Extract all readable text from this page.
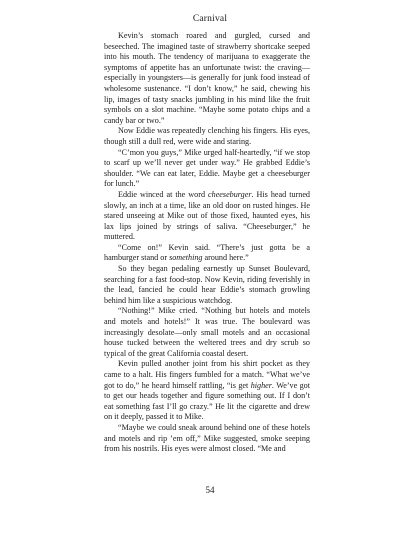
Carnival

Kevin’s stomach roared and gurgled, cursed and beseeched. The imagined taste of strawberry shortcake seeped into his mouth. The tendency of marijuana to exaggerate the symptoms of appetite has an unfortunate twist: the craving—especially in youngsters—is generally for junk food instead of wholesome sustenance. “I don’t know,” he said, chewing his lip, images of tasty snacks jumbling in his mind like the fruit symbols on a slot machine. “Maybe some potato chips and a candy bar or two.”

Now Eddie was repeatedly clenching his fingers. His eyes, though still a dull red, were wide and staring.

“C’mon you guys,” Mike urged half-heartedly, “if we stop to scarf up we’ll never get under way.” He grabbed Eddie’s shoulder. “We can eat later, Eddie. Maybe get a cheeseburger for lunch.”

Eddie winced at the word cheeseburger. His head turned slowly, an inch at a time, like an old door on rusted hinges. He stared unseeing at Mike out of those fixed, haunted eyes, his lax lips joined by strings of saliva. “Cheeseburger,” he muttered.

“Come on!” Kevin said. “There’s just gotta be a hamburger stand or something around here.”

So they began pedaling earnestly up Sunset Boulevard, searching for a fast food-stop. Now Kevin, riding feverishly in the lead, fancied he could hear Eddie’s stomach growling behind him like a suspicious watchdog.

“Nothing!” Mike cried. “Nothing but hotels and motels and motels and hotels!” It was true. The boulevard was increasingly desolate—only small motels and an occasional house tucked between the weltered trees and dry scrub so typical of the great California coastal desert.

Kevin pulled another joint from his shirt pocket as they came to a halt. His fingers fumbled for a match. “What we’ve got to do,” he heard himself rattling, “is get higher. We’ve got to get our heads together and figure something out. If I don’t eat something fast I’ll go crazy.” He lit the cigarette and drew on it deeply, passed it to Mike.

“Maybe we could sneak around behind one of these hotels and motels and rip ’em off,” Mike suggested, smoke seeping from his nostrils. His eyes were almost closed. “Me and

54
